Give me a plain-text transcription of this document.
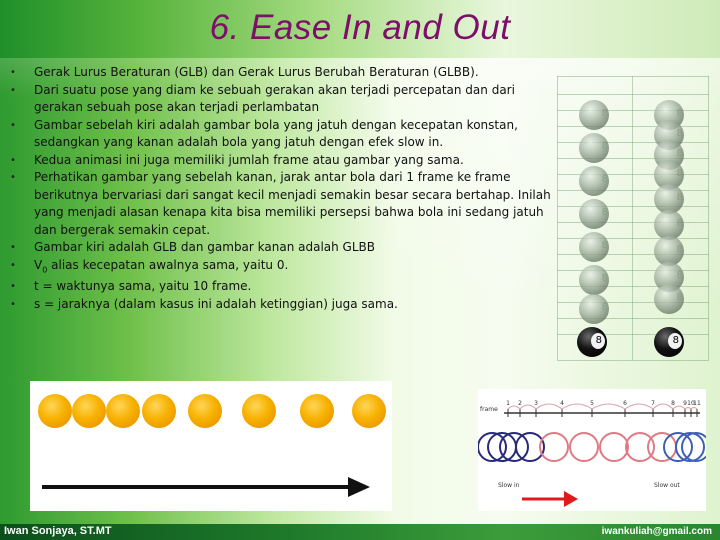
6. Ease In and Out
• Gerak Lurus Beraturan (GLB) dan Gerak Lurus Berubah Beraturan (GLBB).
• Dari suatu pose yang diam ke sebuah gerakan akan terjadi percepatan dan dari gerakan sebuah pose akan terjadi perlambatan
• Gambar sebelah kiri adalah gambar bola yang jatuh dengan kecepatan konstan, sedangkan yang kanan adalah bola yang jatuh dengan efek slow in.
• Kedua animasi ini juga memiliki jumlah frame atau gambar yang sama.
• Perhatikan gambar yang sebelah kanan, jarak antar bola dari 1 frame ke frame berikutnya bervariasi dari sangat kecil menjadi semakin besar secara bertahap. Inilah yang menjadi alasan kenapa kita bisa memiliki persepsi bahwa bola ini sedang jatuh dan bergerak semakin cepat.
• Gambar kiri adalah GLB dan gambar kanan adalah GLBB
• $V_0$ alias kecepatan awalnya sama, yaitu 0.
• t = waktunya sama, yaitu 10 frame.
• s = jaraknya (dalam kasus ini adalah ketinggian) juga sama.
8
8
8
8
8
8
8
8
8
8
8
8
8
8
8
8
8
8
1 2 3	4	5	6	7	8 9 10
11
frame
Slow in	Slow out
Iwan Sonjaya, ST.MT	iwankuliah@gmail.com
